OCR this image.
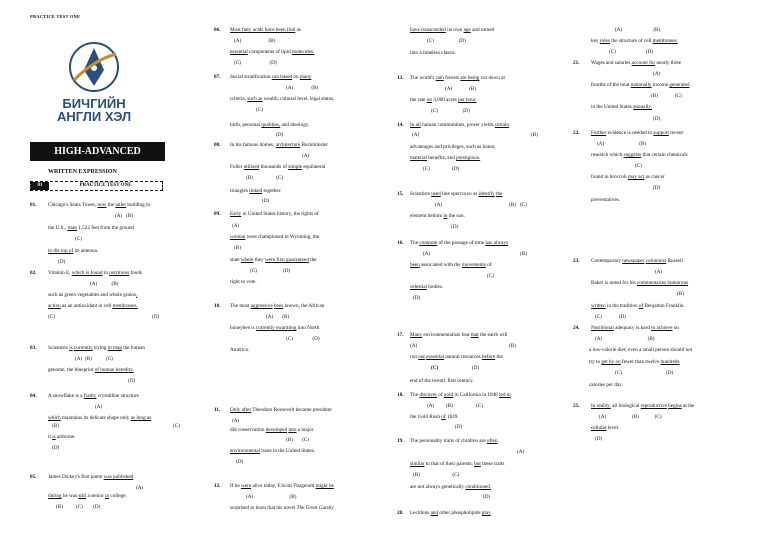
PRACTICE TEST ONE
БИЧГИЙН
АНГЛИ ХЭЛ
HIGH-ADVANCED
WRITTEN EXPRESSION
01	PRACTICE TEST ONE
01. Chicago's Sears Tower, now the taller building in
(A) (B)
the U.S., rises 1,522 feet from the ground
(C)
to the top of its antenna.
(D)
02. Vitamin E, which is found in nutritious foods
(A)	(B)
such as green vegetables and whole grains,
action as an antioxidant in cell membranes.
(C)	(D)
03. Scientists is currently trying to map the human
(A) (B)	(C)
genome, the blueprint of human heredity.
(D)
04. A snowflake is a frailty crystalline structure
(A)
which maintains its delicate shape only as long as
(B)	(C)
it is airborne.
(D)
05. James Dickey's first poem was published
(A)
during he was still a senior in college.
(B) (C) (D)
06. Most fatty acids have been find as
(A)	(B)
essential components of lipid molecules.
(C)	(D)
07. Social stratification can based on many
(A)	(B)
criteria, such as wealth, cultural level, legal status,
(C)
birth, personal qualities, and ideology.
(D)
08. In his famous domes, architecture Buckminster
(A)
Fuller utilized thousands of simple equilateral
(B)	(C)
triangles linked together.
(D)
09. Early in United States history, the rights of
(A)
woman were championed in Wyoming, the
(B)
state where they were first guaranteed the
(C)	(D)
right to vote.
10. The most aggressive bees known, the African
(A) (B)
honeybee is currently swarming into North
(C)	(D)
America.
11. Only after Theodore Roosevelt became president
(A)
did conservation developed into a major
(B) (C)
environmental issue in the United States.
(D)
12. If he were alive today, F.Scott Fitzgerald might be
(A)	(B)
surprised to learn that his novel The Great Gatsby
have transcended its own age and turned
(C)	(D)
into a timeless classic.
13. The world's rain forests are being cut down at
(A)	(B)
the rate on 3,000 acres per hour.
(C)	(D)
14. In all human communities, power yields certain
(A)	(B)
advantages and privileges, such as honor,
material benefits, and prestigious.
(C)	(D)
15. Scientists used line spectra so as identify the
(A)	(B) (C)
element helium in the sun.
(D)
16. The compute of the passage of time has always
(A)	(B)
been associated with the movements of
(C)
celestial bodies.
(D)
17. Many environmentalists fear that the earth will
(A)	(B)
run out essential natural resources before the
(C)	(D)
end of the twenty first century.
18. The discover of gold in California in 1848 led to
(A) (B)	(C)
the Gold Rush of 1849.
(D)
19. The personality traits of children are often
(A)
similar to that of their parents, but these traits
(B)	(C)
are not always genetically conditioned.
(D)
20. Lecithins and other phospholipids play
(A)	(B)
key roles the structure of cell membranes.
(C)	(D)
21. Wages and salaries account for nearly three
(A)
fourths of the total nationally income generated
(B)	(C)
in the United States annually.
(D)
22. Further evidence is needed to support recent
(A)	(B)
research which suggests that certain chemicals
(C)
found in broccoli may act as cancer
(D)
preventatives.
23. Contemporary newspaper columnist Russell
(A)
Baker is noted for his commentaries humorous
(B)
written in the tradition of Benjamin Franklin.
(C)	(D)
24. Nutritional adequacy is hard to achieve on
(A)	(B)
a low-calorie diet; even a small person should not
try to get by on fewer than twelve hundreds
(C)	(D)
calories per day.
25. In reality, all biological reproductive begins at the
(A)	(B)	(C)
cellular level.
(D)
